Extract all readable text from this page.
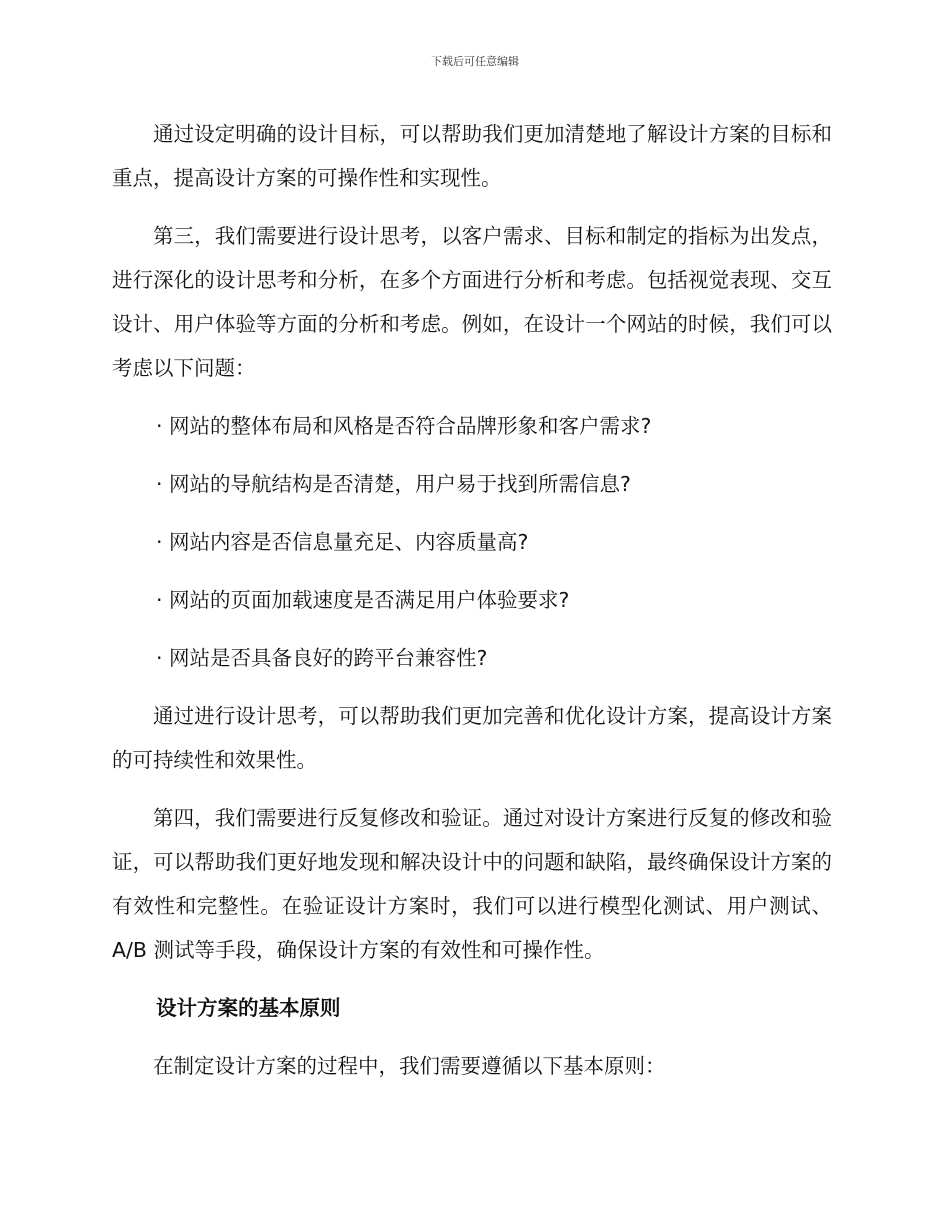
下载后可任意编辑

通过设定明确的设计目标，可以帮助我们更加清楚地了解设计方案的目标和重点，提高设计方案的可操作性和实现性。

第三，我们需要进行设计思考，以客户需求、目标和制定的指标为出发点，进行深化的设计思考和分析，在多个方面进行分析和考虑。包括视觉表现、交互设计、用户体验等方面的分析和考虑。例如，在设计一个网站的时候，我们可以考虑以下问题：

· 网站的整体布局和风格是否符合品牌形象和客户需求?
· 网站的导航结构是否清楚，用户易于找到所需信息?
· 网站内容是否信息量充足、内容质量高?
· 网站的页面加载速度是否满足用户体验要求?
· 网站是否具备良好的跨平台兼容性?

通过进行设计思考，可以帮助我们更加完善和优化设计方案，提高设计方案的可持续性和效果性。

第四，我们需要进行反复修改和验证。通过对设计方案进行反复的修改和验证，可以帮助我们更好地发现和解决设计中的问题和缺陷，最终确保设计方案的有效性和完整性。在验证设计方案时，我们可以进行模型化测试、用户测试、A/B 测试等手段，确保设计方案的有效性和可操作性。

设计方案的基本原则

在制定设计方案的过程中，我们需要遵循以下基本原则：
